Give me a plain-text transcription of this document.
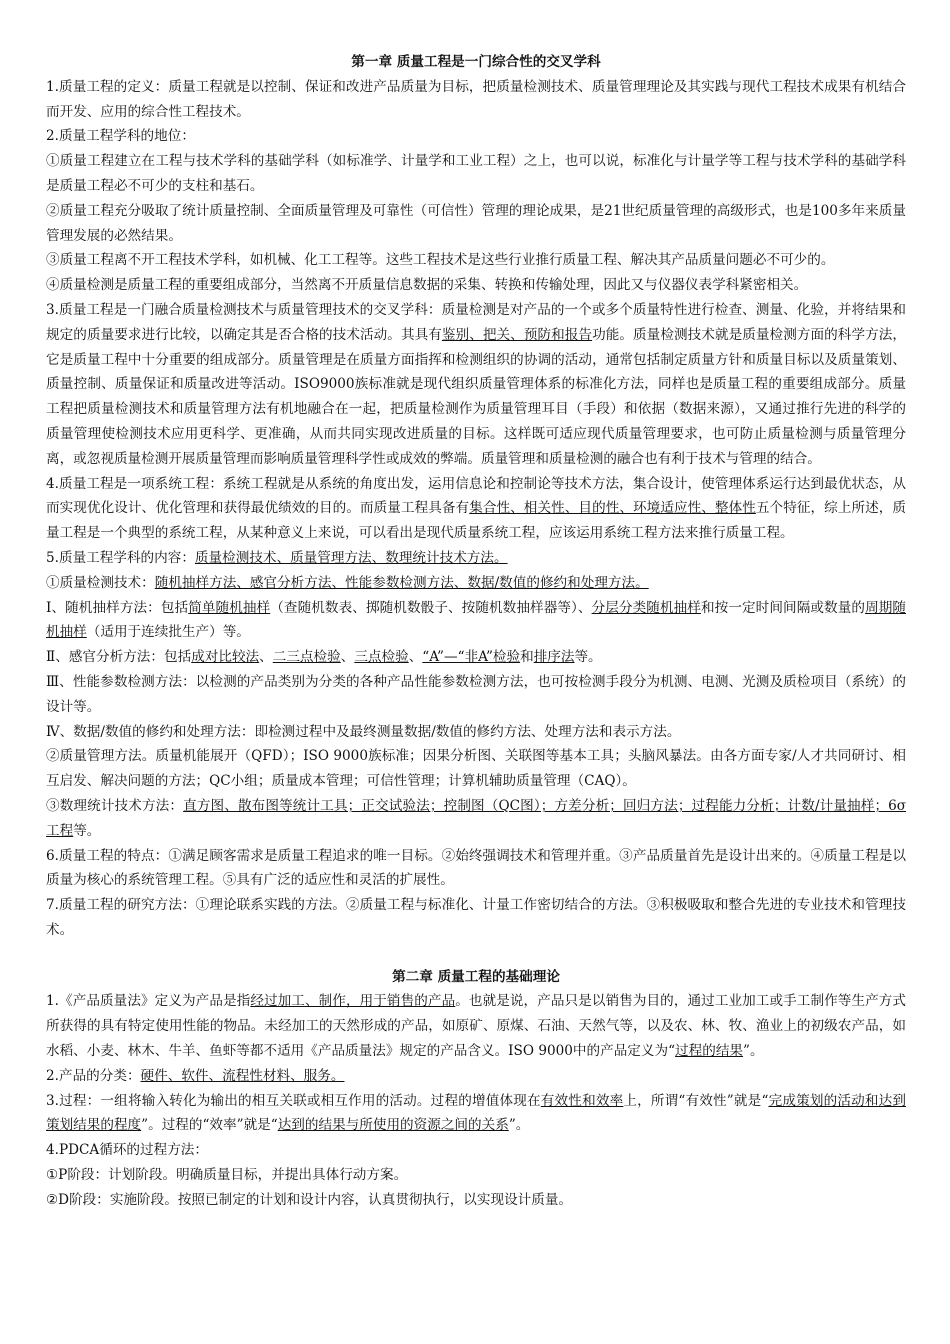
第一章 质量工程是一门综合性的交叉学科

1.质量工程的定义：质量工程就是以控制、保证和改进产品质量为目标，把质量检测技术、质量管理理论及其实践与现代工程技术成果有机结合而开发、应用的综合性工程技术。

2.质量工程学科的地位：

①质量工程建立在工程与技术学科的基础学科（如标准学、计量学和工业工程）之上，也可以说，标准化与计量学等工程与技术学科的基础学科是质量工程必不可少的支柱和基石。

②质量工程充分吸取了统计质量控制、全面质量管理及可靠性（可信性）管理的理论成果，是21世纪质量管理的高级形式，也是100多年来质量管理发展的必然结果。

③质量工程离不开工程技术学科，如机械、化工工程等。这些工程技术是这些行业推行质量工程、解决其产品质量问题必不可少的。

④质量检测是质量工程的重要组成部分，当然离不开质量信息数据的采集、转换和传输处理，因此又与仪器仪表学科紧密相关。

3.质量工程是一门融合质量检测技术与质量管理技术的交叉学科：质量检测是对产品的一个或多个质量特性进行检查、测量、化验，并将结果和规定的质量要求进行比较，以确定其是否合格的技术活动。其具有鉴别、把关、预防和报告功能。质量检测技术就是质量检测方面的科学方法，它是质量工程中十分重要的组成部分。质量管理是在质量方面指挥和检测组织的协调的活动，通常包括制定质量方针和质量目标以及质量策划、质量控制、质量保证和质量改进等活动。ISO9000族标准就是现代组织质量管理体系的标准化方法，同样也是质量工程的重要组成部分。质量工程把质量检测技术和质量管理方法有机地融合在一起，把质量检测作为质量管理耳目（手段）和依据（数据来源），又通过推行先进的科学的质量管理使检测技术应用更科学、更准确，从而共同实现改进质量的目标。这样既可适应现代质量管理要求，也可防止质量检测与质量管理分离，或忽视质量检测开展质量管理而影响质量管理科学性或成效的弊端。质量管理和质量检测的融合也有利于技术与管理的结合。

4.质量工程是一项系统工程：系统工程就是从系统的角度出发，运用信息论和控制论等技术方法，集合设计，使管理体系运行达到最优状态，从而实现优化设计、优化管理和获得最优绩效的目的。而质量工程具备有集合性、相关性、目的性、环境适应性、整体性五个特征，综上所述，质量工程是一个典型的系统工程，从某种意义上来说，可以看出是现代质量系统工程，应该运用系统工程方法来推行质量工程。

5.质量工程学科的内容：质量检测技术、质量管理方法、数理统计技术方法。

①质量检测技术：随机抽样方法、感官分析方法、性能参数检测方法、数据/数值的修约和处理方法。

Ⅰ、随机抽样方法：包括简单随机抽样（查随机数表、掷随机数骰子、按随机数抽样器等）、分层分类随机抽样和按一定时间间隔或数量的周期随机抽样（适用于连续批生产）等。

Ⅱ、感官分析方法：包括成对比较法、二三点检验、三点检验、“A”—“非A”检验和排序法等。

Ⅲ、性能参数检测方法：以检测的产品类别为分类的各种产品性能参数检测方法，也可按检测手段分为机测、电测、光测及质检项目（系统）的设计等。

Ⅳ、数据/数值的修约和处理方法：即检测过程中及最终测量数据/数值的修约方法、处理方法和表示方法。

②质量管理方法。质量机能展开（QFD）；ISO 9000族标准；因果分析图、关联图等基本工具；头脑风暴法。由各方面专家/人才共同研讨、相互启发、解决问题的方法；QC小组；质量成本管理；可信性管理；计算机辅助质量管理（CAQ）。

③数理统计技术方法：直方图、散布图等统计工具；正交试验法；控制图（QC图）；方差分析；回归方法；过程能力分析；计数/计量抽样；6σ 工程等。

6.质量工程的特点：①满足顾客需求是质量工程追求的唯一目标。②始终强调技术和管理并重。③产品质量首先是设计出来的。④质量工程是以质量为核心的系统管理工程。⑤具有广泛的适应性和灵活的扩展性。

7.质量工程的研究方法：①理论联系实践的方法。②质量工程与标准化、计量工作密切结合的方法。③积极吸取和整合先进的专业技术和管理技术。

第二章 质量工程的基础理论

1.《产品质量法》定义为产品是指经过加工、制作，用于销售的产品。也就是说，产品只是以销售为目的，通过工业加工或手工制作等生产方式所获得的具有特定使用性能的物品。未经加工的天然形成的产品，如原矿、原煤、石油、天然气等，以及农、林、牧、渔业上的初级农产品，如水稻、小麦、林木、牛羊、鱼虾等都不适用《产品质量法》规定的产品含义。ISO 9000中的产品定义为“过程的结果”。

2.产品的分类：硬件、软件、流程性材料、服务。

3.过程：一组将输入转化为输出的相互关联或相互作用的活动。过程的增值体现在有效性和效率上，所谓“有效性”就是“完成策划的活动和达到策划结果的程度”。过程的“效率”就是“达到的结果与所使用的资源之间的关系”。

4.PDCA循环的过程方法：

①P阶段：计划阶段。明确质量目标，并提出具体行动方案。

②D阶段：实施阶段。按照已制定的计划和设计内容，认真贯彻执行，以实现设计质量。
